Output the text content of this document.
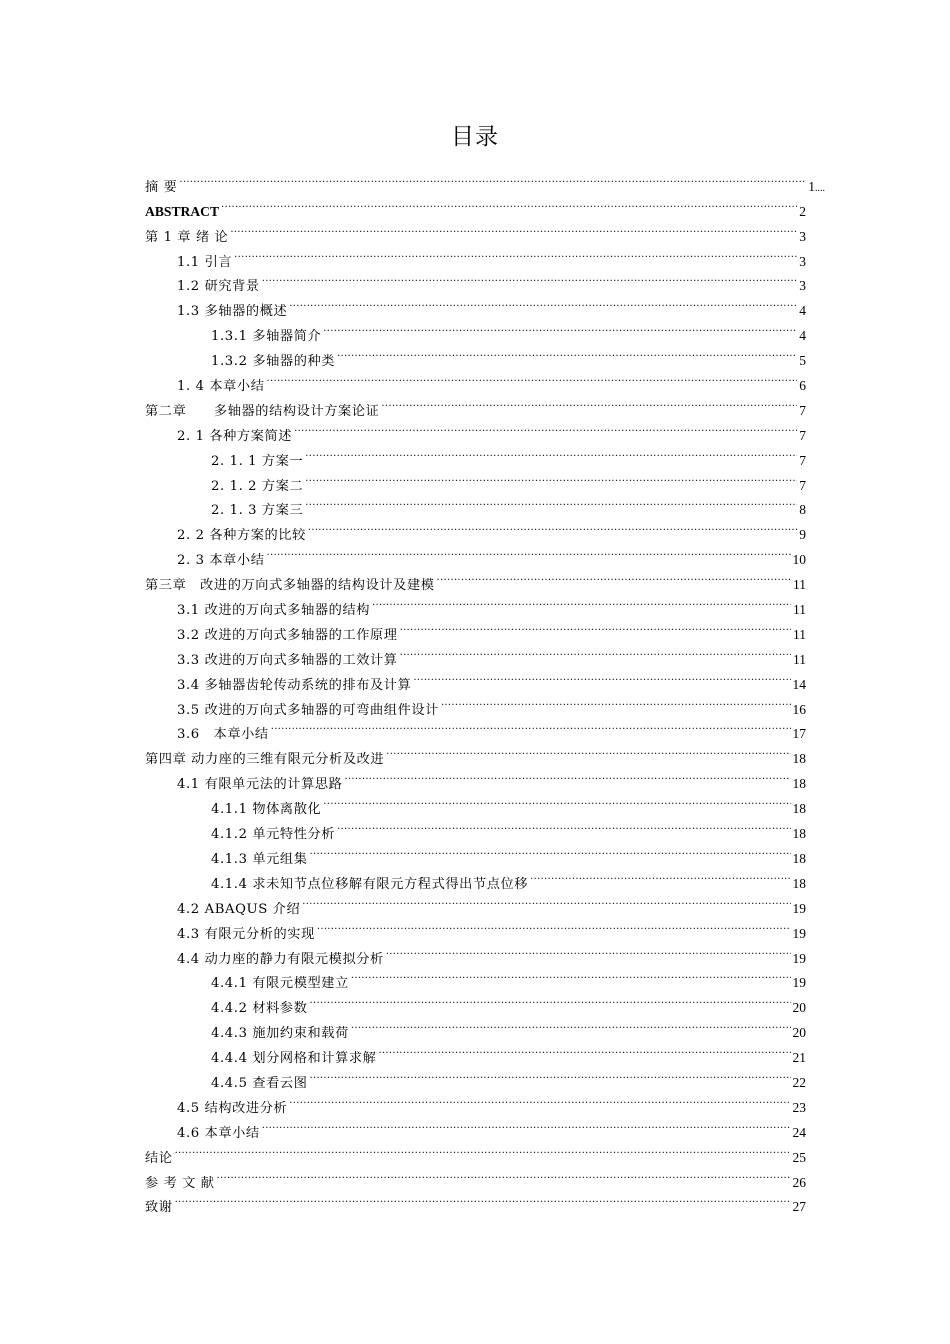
目录
摘 要 .....	1 ....
ABSTRACT .....	2
第 1 章 绪 论 .....	3
1.1 引言 .....	3
1.2 研究背景 .....	3
1.3 多轴器的概述 .....	4
1.3.1 多轴器简介 .....	4
1.3.2 多轴器的种类 .....	5
1. 4 本章小结 .....	6
第二章　　多轴器的结构设计方案论证 .....	7
2. 1 各种方案简述 .....	7
2. 1. 1 方案一 .....	7
2. 1. 2 方案二 .....	7
2. 1. 3 方案三 .....	8
2. 2 各种方案的比较 .....	9
2. 3 本章小结 .....	10
第三章　改进的万向式多轴器的结构设计及建模 .....	11
3.1 改进的万向式多轴器的结构 .....	11
3.2 改进的万向式多轴器的工作原理 .....	11
3.3 改进的万向式多轴器的工效计算 .....	11
3.4 多轴器齿轮传动系统的排布及计算 .....	14
3.5 改进的万向式多轴器的可弯曲组件设计 .....	16
3.6　本章小结 .....	17
第四章 动力座的三维有限元分析及改进 .....	18
4.1 有限单元法的计算思路 .....	18
4.1.1 物体离散化 .....	18
4.1.2 单元特性分析 .....	18
4.1.3 单元组集 .....	18
4.1.4 求未知节点位移解有限元方程式得出节点位移 .....	18
4.2 ABAQUS 介绍 .....	19
4.3 有限元分析的实现 .....	19
4.4 动力座的静力有限元模拟分析 .....	19
4.4.1 有限元模型建立 .....	19
4.4.2 材料参数 .....	20
4.4.3 施加约束和载荷 .....	20
4.4.4 划分网格和计算求解 .....	21
4.4.5 查看云图 .....	22
4.5 结构改进分析 .....	23
4.6 本章小结 .....	24
结论 .....	25
参 考 文 献 .....	26
致谢 .....	27
